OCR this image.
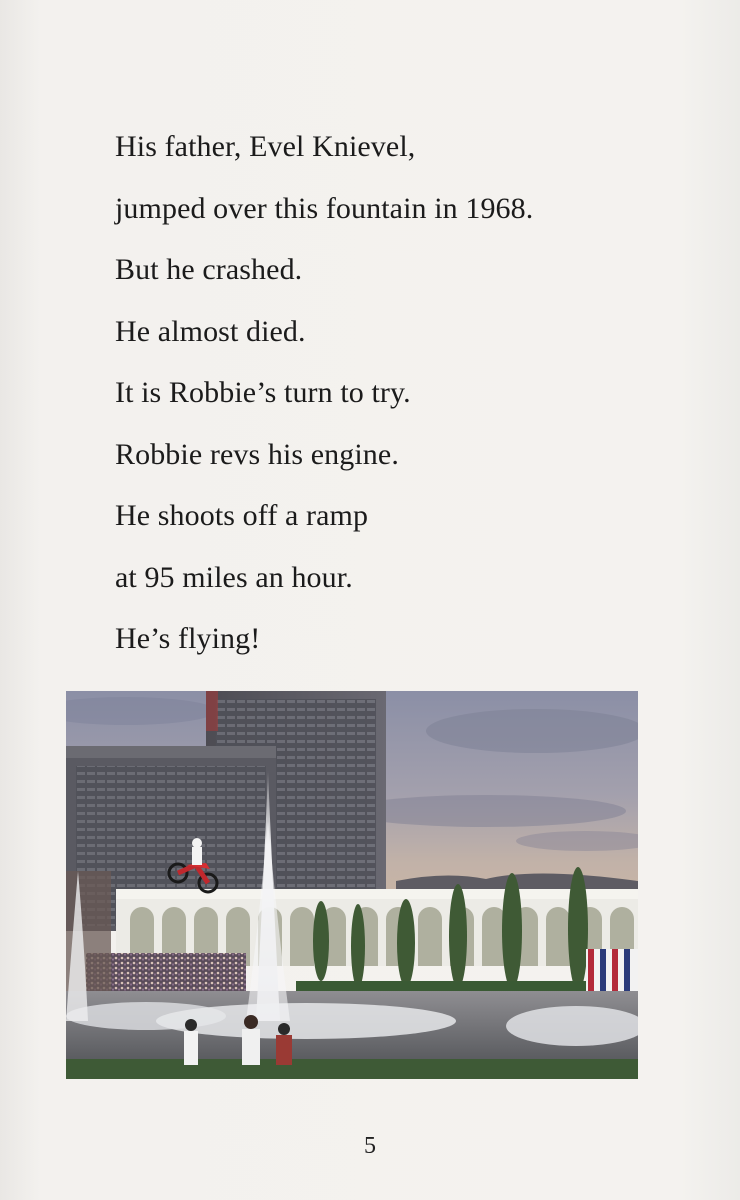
His father, Evel Knievel,
jumped over this fountain in 1968.
But he crashed.
He almost died.
It is Robbie’s turn to try.
Robbie revs his engine.
He shoots off a ramp
at 95 miles an hour.
He’s flying!
5
